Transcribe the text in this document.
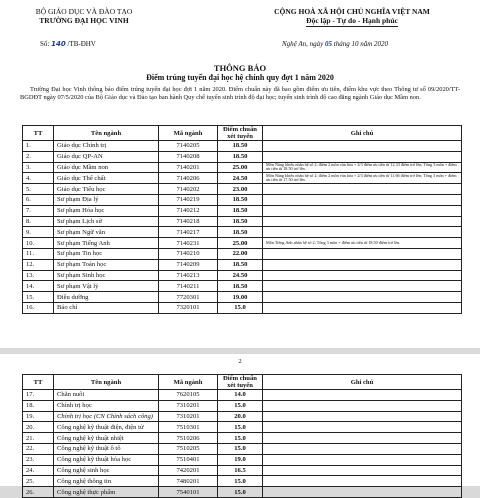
BỘ GIÁO DỤC VÀ ĐÀO TẠO
TRƯỜNG ĐẠI HỌC VINH
CỘNG HOÀ XÃ HỘI CHỦ NGHĨA VIỆT NAM
Độc lập - Tự do - Hạnh phúc
Số: 140 /TB-ĐHV	Nghệ An, ngày 05 tháng 10 năm 2020
THÔNG BÁO
Điểm trúng tuyển đại học hệ chính quy đợt 1 năm 2020
Trường Đại học Vinh thông báo điểm trúng tuyển đại học đợt 1 năm 2020. Điểm chuẩn này đã bao gồm điểm ưu tiên, điểm khu vực theo Thông tư số 09/2020/TT-BGDĐT ngày 07/5/2020 của Bộ Giáo dục và Đào tạo ban hành Quy chế tuyển sinh trình độ đại học; tuyển sinh trình độ cao đẳng ngành Giáo dục Mầm non.
TT	Tên ngành	Mã ngành	Điểm chuẩn xét tuyển	Ghi chú
1.	Giáo dục Chính trị	7140205	18.50	
2.	Giáo dục QP-AN	7140208	18.50	
3.	Giáo dục Mầm non	7140201	25.00	Môn Năng khiếu nhân hệ số 2; điểm 2 môn văn hóa + 2/3 điểm ưu tiên từ 12.33 điểm trở lên; Tổng 3 môn + điểm ưu tiên từ 18.50 trở lên.
4.	Giáo dục Thể chất	7140206	24.50	Môn Năng khiếu nhân hệ số 2; điểm 2 môn văn hóa + 2/3 điểm ưu tiên từ 11.66 điểm trở lên; Tổng 3 môn + điểm ưu tiên từ 17.50 trở lên.
5.	Giáo dục Tiểu học	7140202	23.00	
6.	Sư phạm Địa lý	7140219	18.50	
7.	Sư phạm Hóa học	7140212	18.50	
8.	Sư phạm Lịch sử	7140218	18.50	
9.	Sư phạm Ngữ văn	7140217	18.50	
10.	Sư phạm Tiếng Anh	7140231	25.00	Môn Tiếng Anh nhân hệ số 2; Tổng 3 môn + điểm ưu tiên từ 18.50 điểm trở lên.
11.	Sư phạm Tin học	7140210	22.00	
12.	Sư phạm Toán học	7140209	18.50	
13.	Sư phạm Sinh học	7140213	24.50	
14.	Sư phạm Vật lý	7140211	18.50	
15.	Điều dưỡng	7720301	19.00	
16.	Báo chí	7320101	15.0	
2
TT	Tên ngành	Mã ngành	Điểm chuẩn xét tuyển	Ghi chú
17.	Chăn nuôi	7620105	14.0	
18.	Chính trị học	7310201	15.0	
19.	Chính trị học (CN Chính sách công)	7310201	20.0	
20.	Công nghệ kỹ thuật điện, điện tử	7510301	15.0	
21.	Công nghệ kỹ thuật nhiệt	7510206	15.0	
22.	Công nghệ kỹ thuật ô tô	7510205	15.0	
23.	Công nghệ kỹ thuật hóa học	7510401	19.0	
24.	Công nghệ sinh học	7420201	16.5	
25.	Công nghệ thông tin	7480201	15.0	
26.	Công nghệ thực phẩm	7540101	15.0	
